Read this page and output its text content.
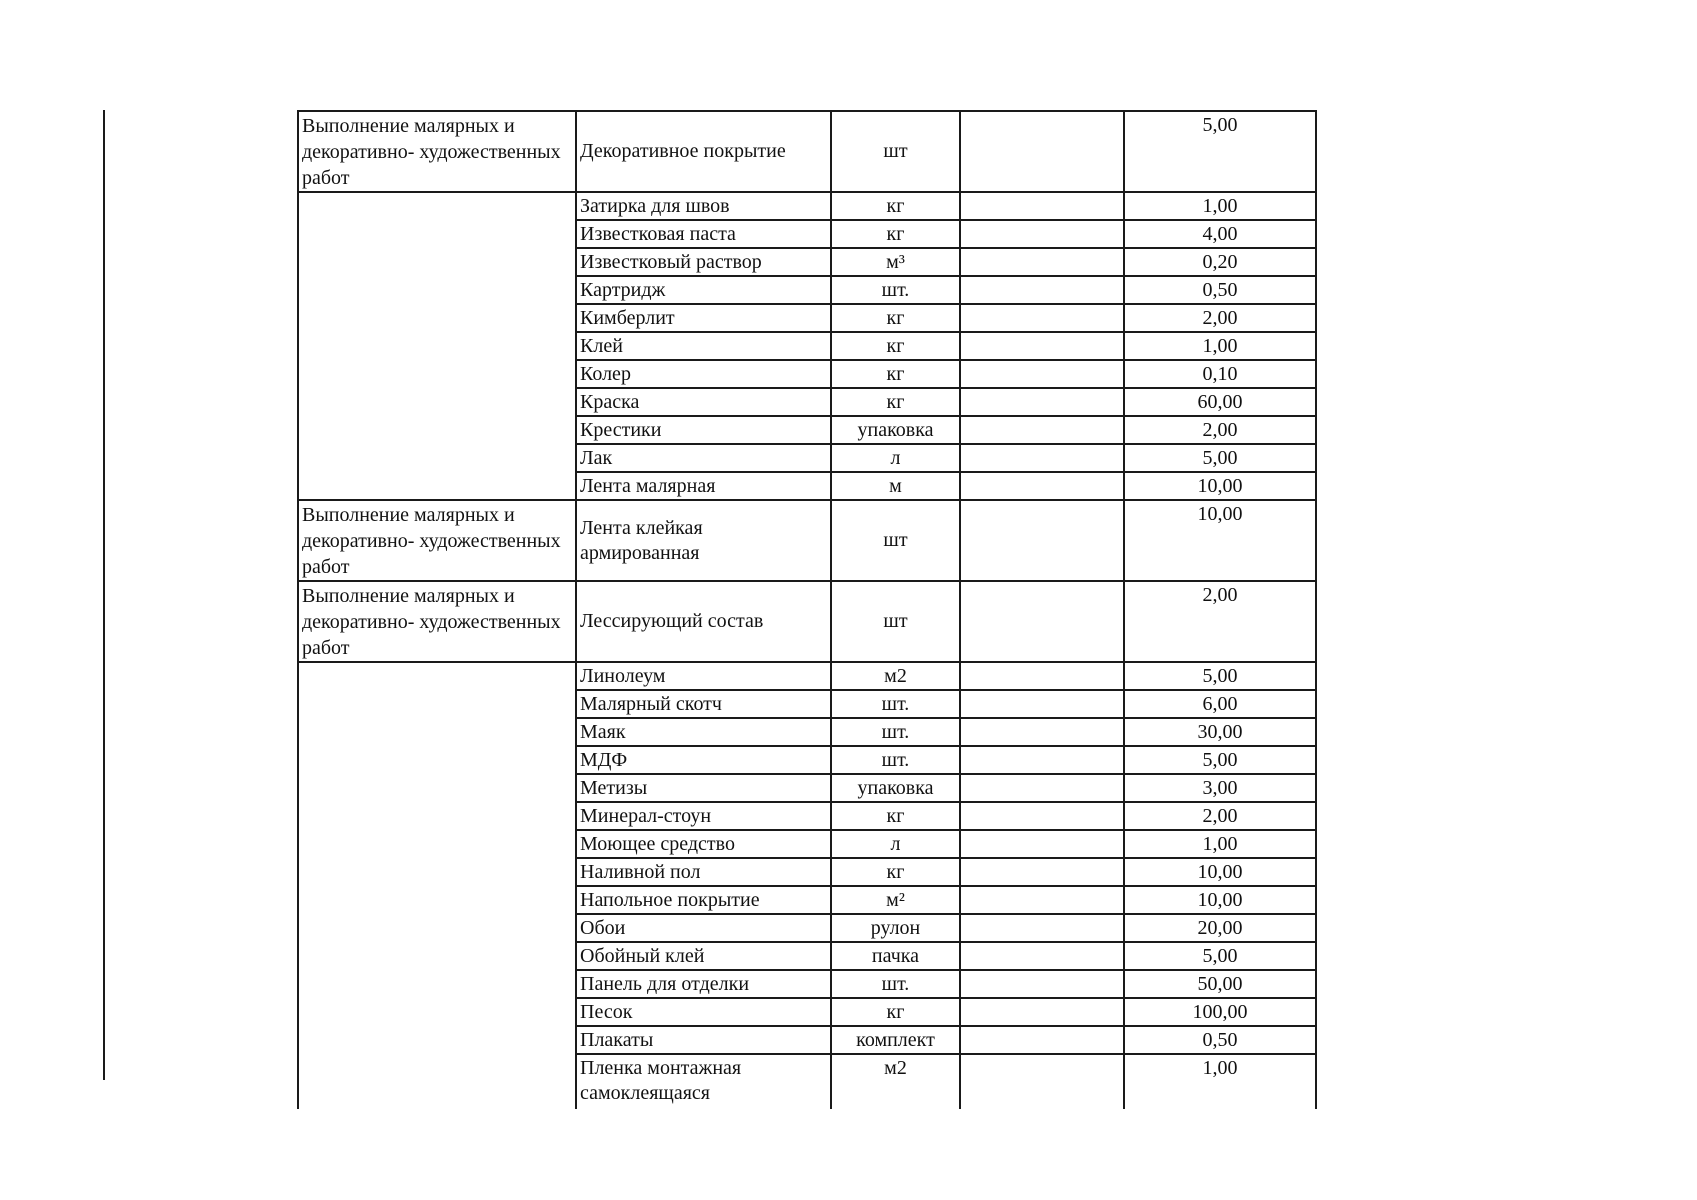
Выполнение малярных и декоративно- художественных работ	Декоративное покрытие	шт		5,00
	Затирка для швов	кг		1,00
	Известковая паста	кг		4,00
	Известковый раствор	м³		0,20
	Картридж	шт.		0,50
	Кимберлит	кг		2,00
	Клей	кг		1,00
	Колер	кг		0,10
	Краска	кг		60,00
	Крестики	упаковка		2,00
	Лак	л		5,00
	Лента малярная	м		10,00
Выполнение малярных и декоративно- художественных работ	Лента клейкая армированная	шт		10,00
Выполнение малярных и декоративно- художественных работ	Лессирующий состав	шт		2,00
	Линолеум	м2		5,00
	Малярный скотч	шт.		6,00
	Маяк	шт.		30,00
	МДФ	шт.		5,00
	Метизы	упаковка		3,00
	Минерал-стоун	кг		2,00
	Моющее средство	л		1,00
	Наливной пол	кг		10,00
	Напольное покрытие	м²		10,00
	Обои	рулон		20,00
	Обойный клей	пачка		5,00
	Панель для отделки	шт.		50,00
	Песок	кг		100,00
	Плакаты	комплект		0,50
	Пленка монтажная самоклеящаяся	м2		1,00
